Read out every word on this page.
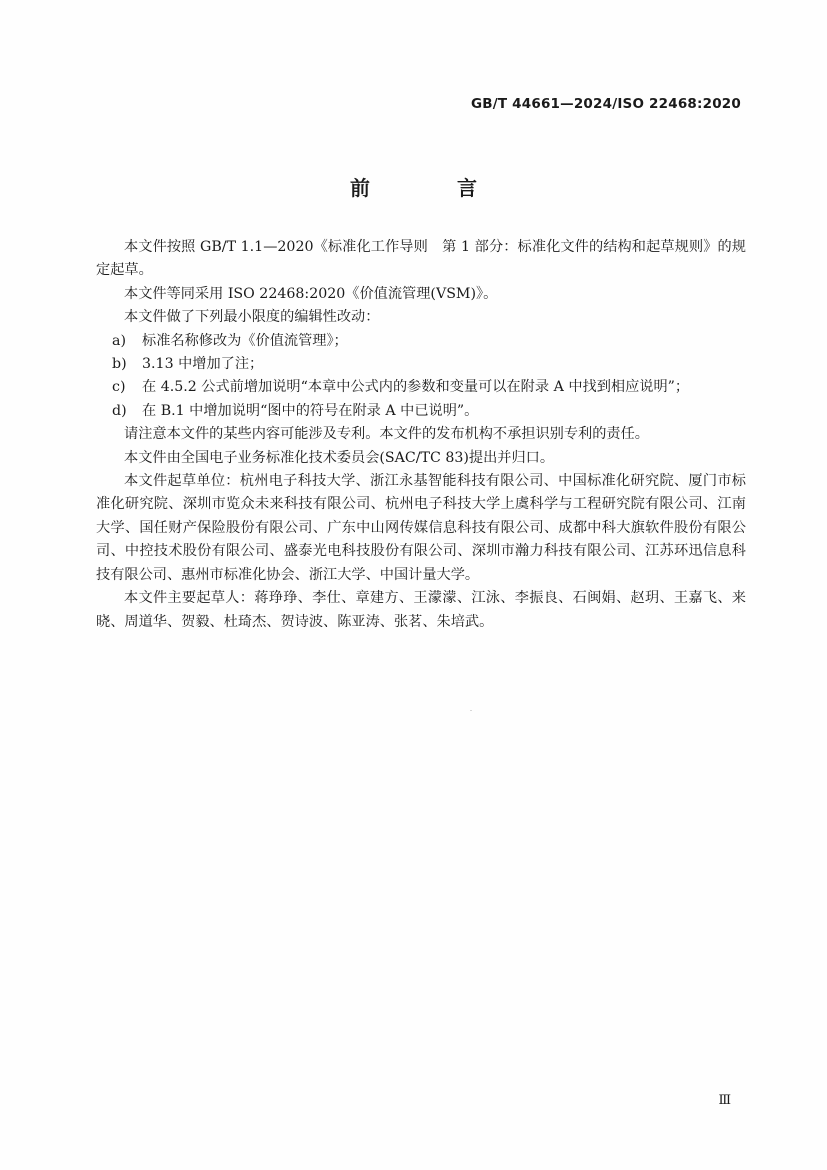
GB/T 44661—2024/ISO 22468:2020
前 言

本文件按照 GB/T 1.1—2020《标准化工作导则　第 1 部分：标准化文件的结构和起草规则》的规定起草。

本文件等同采用 ISO 22468:2020《价值流管理(VSM)》。

本文件做了下列最小限度的编辑性改动：

a) 标准名称修改为《价值流管理》；

b) 3.13 中增加了注；

c) 在 4.5.2 公式前增加说明“本章中公式内的参数和变量可以在附录 A 中找到相应说明”；

d) 在 B.1 中增加说明“图中的符号在附录 A 中已说明”。

请注意本文件的某些内容可能涉及专利。本文件的发布机构不承担识别专利的责任。

本文件由全国电子业务标准化技术委员会(SAC/TC 83)提出并归口。

本文件起草单位：杭州电子科技大学、浙江永基智能科技有限公司、中国标准化研究院、厦门市标准化研究院、深圳市览众未来科技有限公司、杭州电子科技大学上虞科学与工程研究院有限公司、江南大学、国任财产保险股份有限公司、广东中山网传媒信息科技有限公司、成都中科大旗软件股份有限公司、中控技术股份有限公司、盛泰光电科技股份有限公司、深圳市瀚力科技有限公司、江苏环迅信息科技有限公司、惠州市标准化协会、浙江大学、中国计量大学。

本文件主要起草人：蒋琤琤、李仕、章建方、王濛濛、江泳、李振良、石闽娟、赵玥、王嘉飞、来晓、周道华、贺毅、杜琦杰、贺诗波、陈亚涛、张茗、朱培武。

Ⅲ
